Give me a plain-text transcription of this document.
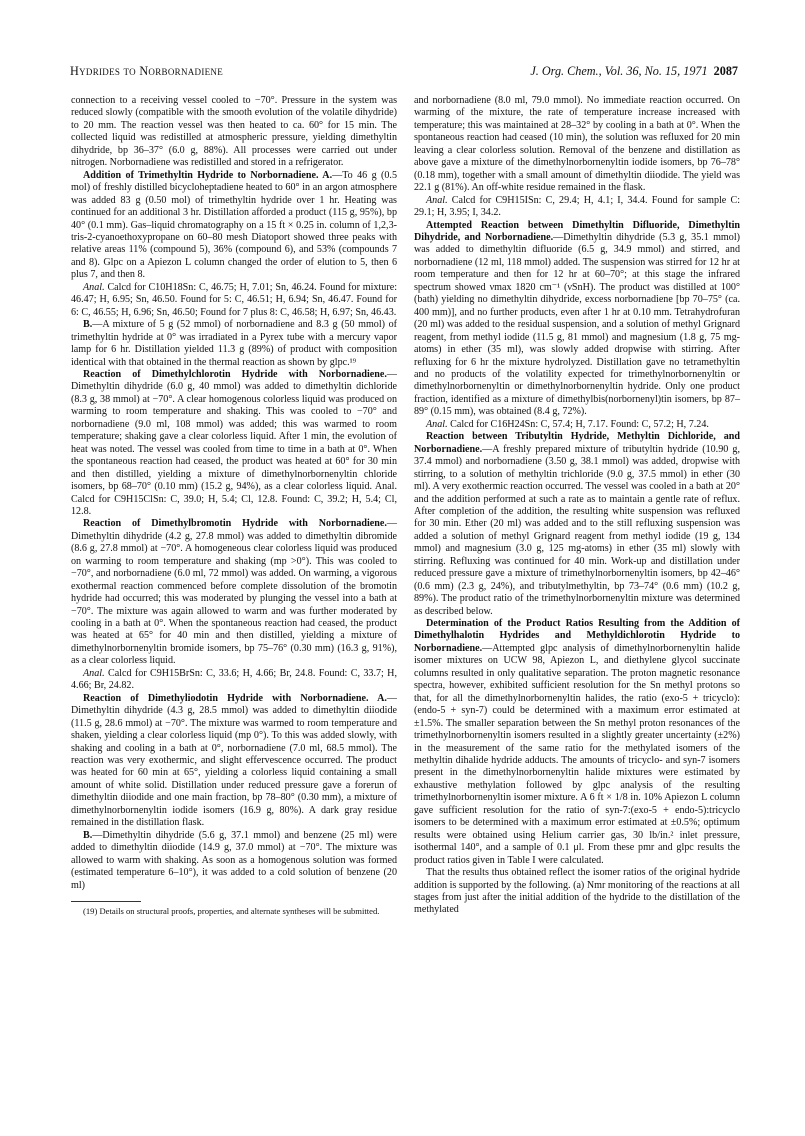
Hydrides to Norbornadiene	J. Org. Chem., Vol. 36, No. 15, 1971 2087

connection to a receiving vessel cooled to −70°. Pressure in the system was reduced slowly (compatible with the smooth evolution of the volatile dihydride) to 20 mm. The reaction vessel was then heated to ca. 60° for 15 min. The collected liquid was redistilled at atmospheric pressure, yielding dimethyltin dihydride, bp 36–37° (6.0 g, 88%). All processes were carried out under nitrogen. Norbornadiene was redistilled and stored in a refrigerator.

Addition of Trimethyltin Hydride to Norbornadiene. A.—To 46 g (0.5 mol) of freshly distilled bicycloheptadiene heated to 60° in an argon atmosphere was added 83 g (0.50 mol) of trimethyltin hydride over 1 hr. Heating was continued for an additional 3 hr. Distillation afforded a product (115 g, 95%), bp 40° (0.1 mm). Gas–liquid chromatography on a 15 ft × 0.25 in. column of 1,2,3-tris-2-cyanoethoxypropane on 60–80 mesh Diatoport showed three peaks with relative areas 11% (compound 5), 36% (compound 6), and 53% (compounds 7 and 8). Glpc on a Apiezon L column changed the order of elution to 5, then 6 plus 7, and then 8.

Anal. Calcd for C10H18Sn: C, 46.75; H, 7.01; Sn, 46.24. Found for mixture: 46.47; H, 6.95; Sn, 46.50. Found for 5: C, 46.51; H, 6.94; Sn, 46.47. Found for 6: C, 46.55; H, 6.96; Sn, 46.50; Found for 7 plus 8: C, 46.58; H, 6.97; Sn, 46.43.

B.—A mixture of 5 g (52 mmol) of norbornadiene and 8.3 g (50 mmol) of trimethyltin hydride at 0° was irradiated in a Pyrex tube with a mercury vapor lamp for 6 hr. Distillation yielded 11.3 g (89%) of product with composition identical with that obtained in the thermal reaction as shown by glpc.¹⁹

Reaction of Dimethylchlorotin Hydride with Norbornadiene.—Dimethyltin dihydride (6.0 g, 40 mmol) was added to dimethyltin dichloride (8.3 g, 38 mmol) at −70°. A clear homogenous colorless liquid was produced on warming to room temperature and shaking. This was cooled to −70° and norbornadiene (9.0 ml, 108 mmol) was added; this was warmed to room temperature; shaking gave a clear colorless liquid. After 1 min, the evolution of heat was noted. The vessel was cooled from time to time in a bath at 0°. When the spontaneous reaction had ceased, the product was heated at 60° for 30 min and then distilled, yielding a mixture of dimethylnorbornenyltin chloride isomers, bp 68–70° (0.10 mm) (15.2 g, 94%), as a clear colorless liquid. Anal. Calcd for C9H15ClSn: C, 39.0; H, 5.4; Cl, 12.8. Found: C, 39.2; H, 5.4; Cl, 12.8.

Reaction of Dimethylbromotin Hydride with Norbornadiene.—Dimethyltin dihydride (4.2 g, 27.8 mmol) was added to dimethyltin dibromide (8.6 g, 27.8 mmol) at −70°. A homogeneous clear colorless liquid was produced on warming to room temperature and shaking (mp >0°). This was cooled to −70°, and norbornadiene (6.0 ml, 72 mmol) was added. On warming, a vigorous exothermal reaction commenced before complete dissolution of the bromotin hydride had occurred; this was moderated by plunging the vessel into a bath at −70°. The mixture was again allowed to warm and was further moderated by cooling in a bath at 0°. When the spontaneous reaction had ceased, the product was heated at 65° for 40 min and then distilled, yielding a mixture of dimethylnorbornenyltin bromide isomers, bp 75–76° (0.30 mm) (16.3 g, 91%), as a clear colorless liquid.

Anal. Calcd for C9H15BrSn: C, 33.6; H, 4.66; Br, 24.8. Found: C, 33.7; H, 4.66; Br, 24.82.

Reaction of Dimethyliodotin Hydride with Norbornadiene. A.—Dimethyltin dihydride (4.3 g, 28.5 mmol) was added to dimethyltin diiodide (11.5 g, 28.6 mmol) at −70°. The mixture was warmed to room temperature and shaken, yielding a clear colorless liquid (mp 0°). To this was added slowly, with shaking and cooling in a bath at 0°, norbornadiene (7.0 ml, 68.5 mmol). The reaction was very exothermic, and slight effervescence occurred. The product was heated for 60 min at 65°, yielding a colorless liquid containing a small amount of white solid. Distillation under reduced pressure gave a forerun of dimethyltin diiodide and one main fraction, bp 78–80° (0.30 mm), a mixture of dimethylnorbornenyltin iodide isomers (16.9 g, 80%). A dark gray residue remained in the distillation flask.

B.—Dimethyltin dihydride (5.6 g, 37.1 mmol) and benzene (25 ml) were added to dimethyltin diiodide (14.9 g, 37.0 mmol) at −70°. The mixture was allowed to warm with shaking. As soon as a homogenous solution was formed (estimated temperature 6–10°), it was added to a cold solution of benzene (20 ml)

(19) Details on structural proofs, properties, and alternate syntheses will be submitted.

and norbornadiene (8.0 ml, 79.0 mmol). No immediate reaction occurred. On warming of the mixture, the rate of temperature increase increased with temperature; this was maintained at 28–32° by cooling in a bath at 0°. When the spontaneous reaction had ceased (10 min), the solution was refluxed for 20 min leaving a clear colorless solution. Removal of the benzene and distillation as above gave a mixture of the dimethylnorbornenyltin iodide isomers, bp 76–78° (0.18 mm), together with a small amount of dimethyltin diiodide. The yield was 22.1 g (81%). An off-white residue remained in the flask.

Anal. Calcd for C9H15ISn: C, 29.4; H, 4.1; I, 34.4. Found for sample C: 29.1; H, 3.95; I, 34.2.

Attempted Reaction between Dimethyltin Difluoride, Dimethyltin Dihydride, and Norbornadiene.—Dimethyltin dihydride (5.3 g, 35.1 mmol) was added to dimethyltin difluoride (6.5 g, 34.9 mmol) and stirred, and norbornadiene (12 ml, 118 mmol) added. The suspension was stirred for 12 hr at room temperature and then for 12 hr at 60–70°; at this stage the infrared spectrum showed νmax 1820 cm⁻¹ (νSnH). The product was distilled at 100° (bath) yielding no dimethyltin dihydride, excess norbornadiene [bp 70–75° (ca. 400 mm)], and no further products, even after 1 hr at 0.10 mm. Tetrahydrofuran (20 ml) was added to the residual suspension, and a solution of methyl Grignard reagent, from methyl iodide (11.5 g, 81 mmol) and magnesium (1.8 g, 75 mg-atoms) in ether (35 ml), was slowly added dropwise with stirring. After refluxing for 6 hr the mixture hydrolyzed. Distillation gave no tetramethyltin and no products of the volatility expected for trimethylnorbornenyltin or dimethylnorbornenyltin or dimethylnorbornenyltin hydride. Only one product fraction, identified as a mixture of dimethylbis(norbornenyl)tin isomers, bp 87–89° (0.15 mm), was obtained (8.4 g, 72%).

Anal. Calcd for C16H24Sn: C, 57.4; H, 7.17. Found: C, 57.2; H, 7.24.

Reaction between Tributyltin Hydride, Methyltin Dichloride, and Norbornadiene.—A freshly prepared mixture of tributyltin hydride (10.90 g, 37.4 mmol) and norbornadiene (3.50 g, 38.1 mmol) was added, dropwise with stirring, to a solution of methyltin trichloride (9.0 g, 37.5 mmol) in ether (30 ml). A very exothermic reaction occurred. The vessel was cooled in a bath at 20° and the addition performed at such a rate as to maintain a gentle rate of reflux. After completion of the addition, the resulting white suspension was refluxed for 30 min. Ether (20 ml) was added and to the still refluxing suspension was added a solution of methyl Grignard reagent from methyl iodide (19 g, 134 mmol) and magnesium (3.0 g, 125 mg-atoms) in ether (35 ml) slowly with stirring. Refluxing was continued for 40 min. Work-up and distillation under reduced pressure gave a mixture of trimethylnorbornenyltin isomers, bp 42–46° (0.6 mm) (2.3 g, 24%), and tributylmethyltin, bp 73–74° (0.6 mm) (10.2 g, 89%). The product ratio of the trimethylnorbornenyltin mixture was determined as described below.

Determination of the Product Ratios Resulting from the Addition of Dimethylhalotin Hydrides and Methyldichlorotin Hydride to Norbornadiene.—Attempted glpc analysis of dimethylnorbornenyltin halide isomer mixtures on UCW 98, Apiezon L, and diethylene glycol succinate columns resulted in only qualitative separation. The proton magnetic resonance spectra, however, exhibited sufficient resolution for the Sn methyl protons so that, for all the dimethylnorbornenyltin halides, the ratio (exo-5 + tricyclo):(endo-5 + syn-7) could be determined with a maximum error estimated at ±1.5%. The smaller separation between the Sn methyl proton resonances of the trimethylnorbornenyltin isomers resulted in a slightly greater uncertainty (±2%) in the measurement of the same ratio for the methylated isomers of the methyltin dihalide hydride adducts. The amounts of tricyclo- and syn-7 isomers present in the dimethylnorbornenyltin halide mixtures were estimated by exhaustive methylation followed by glpc analysis of the resulting trimethylnorbornenyltin isomer mixture. A 6 ft × 1/8 in. 10% Apiezon L column gave sufficient resolution for the ratio of syn-7:(exo-5 + endo-5):tricyclo isomers to be determined with a maximum error estimated at ±0.5%; optimum results were obtained using Helium carrier gas, 30 lb/in.² inlet pressure, isothermal 140°, and a sample of 0.1 μl. From these pmr and glpc results the product ratios given in Table I were calculated.

That the results thus obtained reflect the isomer ratios of the original hydride addition is supported by the following. (a) Nmr monitoring of the reactions at all stages from just after the initial addition of the hydride to the distillation of the methylated
